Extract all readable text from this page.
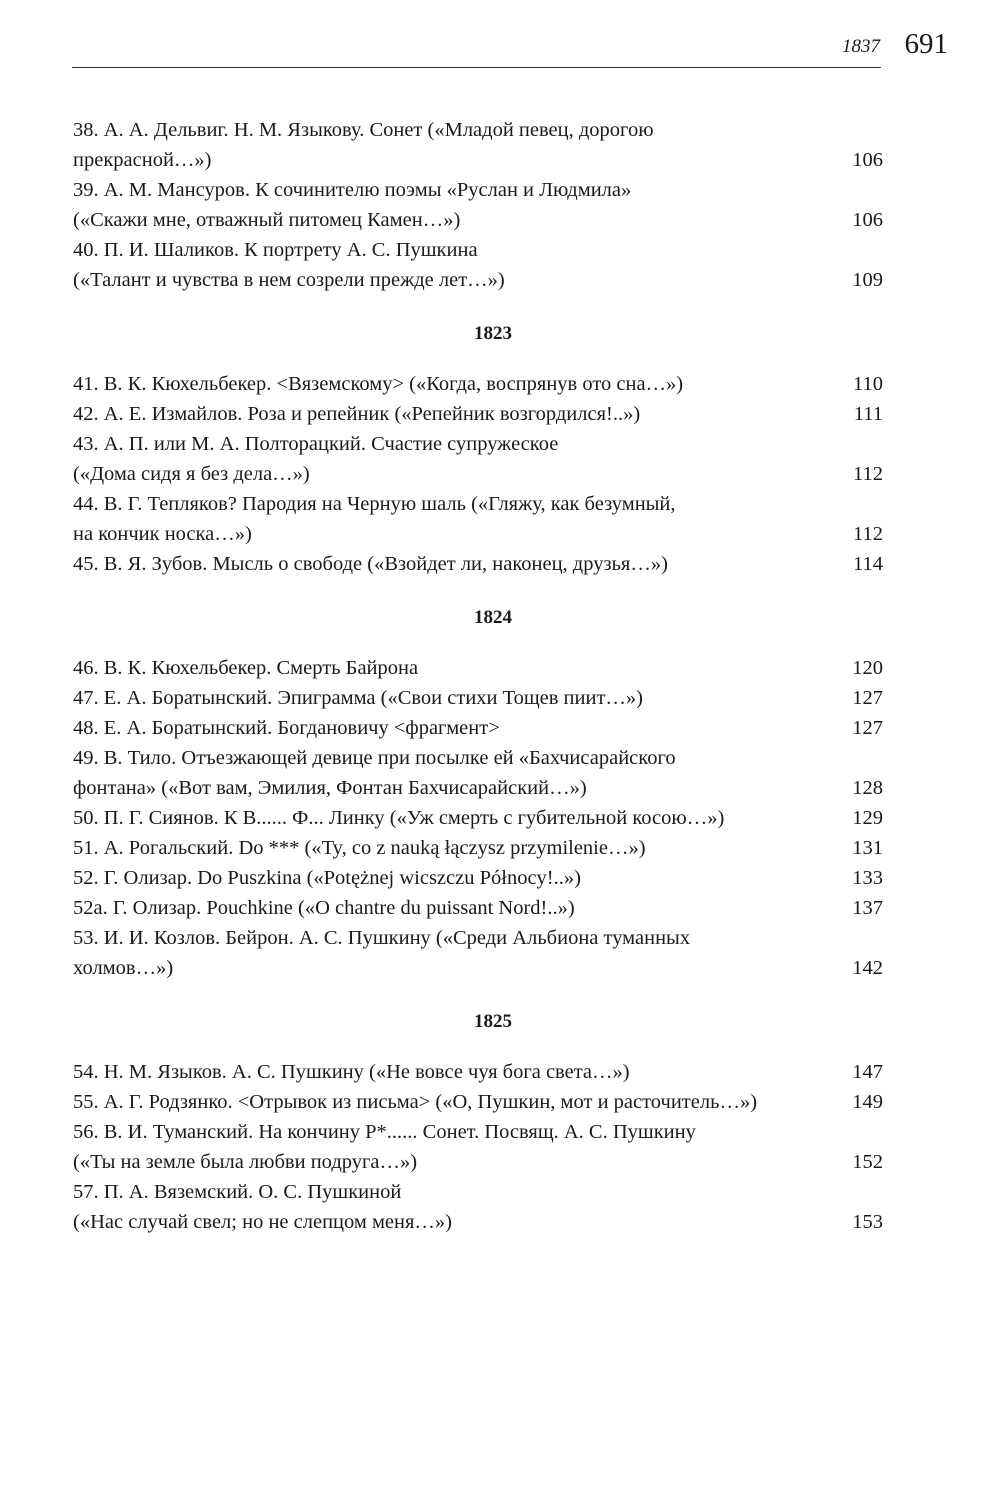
1837 691
38. А. А. Дельвиг. Н. М. Языкову. Сонет («Младой певец, дорогою
прекрасной…»)	106
39. А. М. Мансуров. К сочинителю поэмы «Руслан и Людмила»
(«Скажи мне, отважный питомец Камен…»)	106
40. П. И. Шаликов. К портрету А. С. Пушкина
(«Талант и чувства в нем созрели прежде лет…»)	109
1823
41. В. К. Кюхельбекер. <Вяземскому> («Когда, воспрянув ото сна…»)	110
42. А. Е. Измайлов. Роза и репейник («Репейник возгордился!..»)	111
43. А. П. или М. А. Полторацкий. Счастие супружеское
(«Дома сидя я без дела…»)	112
44. В. Г. Тепляков? Пародия на Черную шаль («Гляжу, как безумный,
на кончик носка…»)	112
45. В. Я. Зубов. Мысль о свободе («Взойдет ли, наконец, друзья…»)	114
1824
46. В. К. Кюхельбекер. Смерть Байрона	120
47. Е. А. Боратынский. Эпиграмма («Свои стихи Тощев пиит…»)	127
48. Е. А. Боратынский. Богдановичу <фрагмент>	127
49. В. Тило. Отъезжающей девице при посылке ей «Бахчисарайского
фонтана» («Вот вам, Эмилия, Фонтан Бахчисарайский…»)	128
50. П. Г. Сиянов. К В...... Ф... Линку («Уж смерть с губительной косою…»)	129
51. А. Рогальский. Do *** («Ty, co z nauką łączysz przymilenie…»)	131
52. Г. Олизар. Do Puszkina («Potężnej wicszczu Północy!..»)	133
52а. Г. Олизар. Pouchkine («O chantre du puissant Nord!..»)	137
53. И. И. Козлов. Бейрон. А. С. Пушкину («Среди Альбиона туманных
холмов…»)	142
1825
54. Н. М. Языков. А. С. Пушкину («Не вовсе чуя бога света…»)	147
55. А. Г. Родзянко. <Отрывок из письма> («О, Пушкин, мот и расточитель…»)	149
56. В. И. Туманский. На кончину Р*...... Сонет. Посвящ. А. С. Пушкину
(«Ты на земле была любви подруга…»)	152
57. П. А. Вяземский. О. С. Пушкиной
(«Нас случай свел; но не слепцом меня…»)	153
